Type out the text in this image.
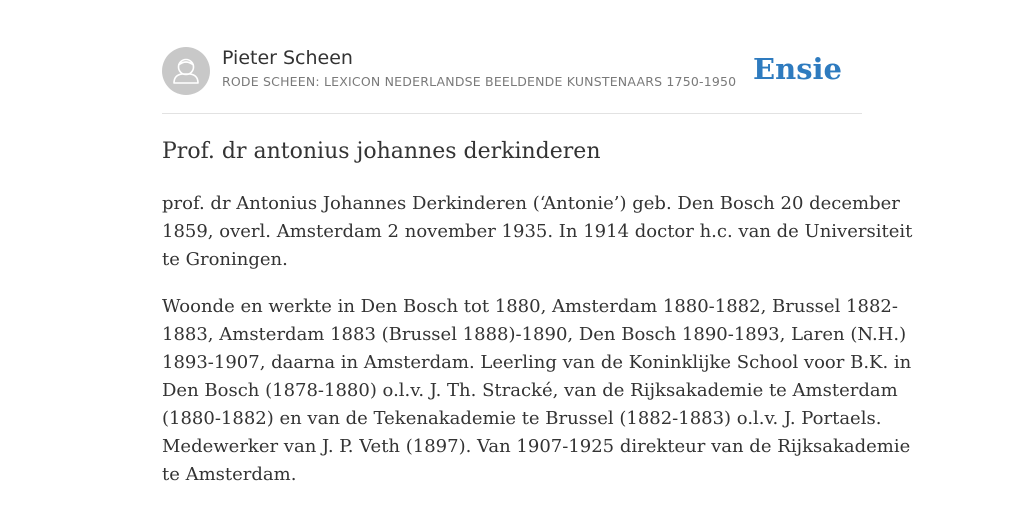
Pieter Scheen
RODE SCHEEN: LEXICON NEDERLANDSE BEELDENDE KUNSTENAARS 1750-1950 Ensie
Prof. dr antonius johannes derkinderen

prof. dr Antonius Johannes Derkinderen (‘Antonie’) geb. Den Bosch 20 december
1859, overl. Amsterdam 2 november 1935. In 1914 doctor h.c. van de Universiteit
te Groningen.

Woonde en werkte in Den Bosch tot 1880, Amsterdam 1880-1882, Brussel 1882-
1883, Amsterdam 1883 (Brussel 1888)-1890, Den Bosch 1890-1893, Laren (N.H.)
1893-1907, daarna in Amsterdam. Leerling van de Koninklijke School voor B.K. in
Den Bosch (1878-1880) o.l.v. J. Th. Stracké, van de Rijksakademie te Amsterdam
(1880-1882) en van de Tekenakademie te Brussel (1882-1883) o.l.v. J. Portaels.
Medewerker van J. P. Veth (1897). Van 1907-1925 direkteur van de Rijksakademie
te Amsterdam.
